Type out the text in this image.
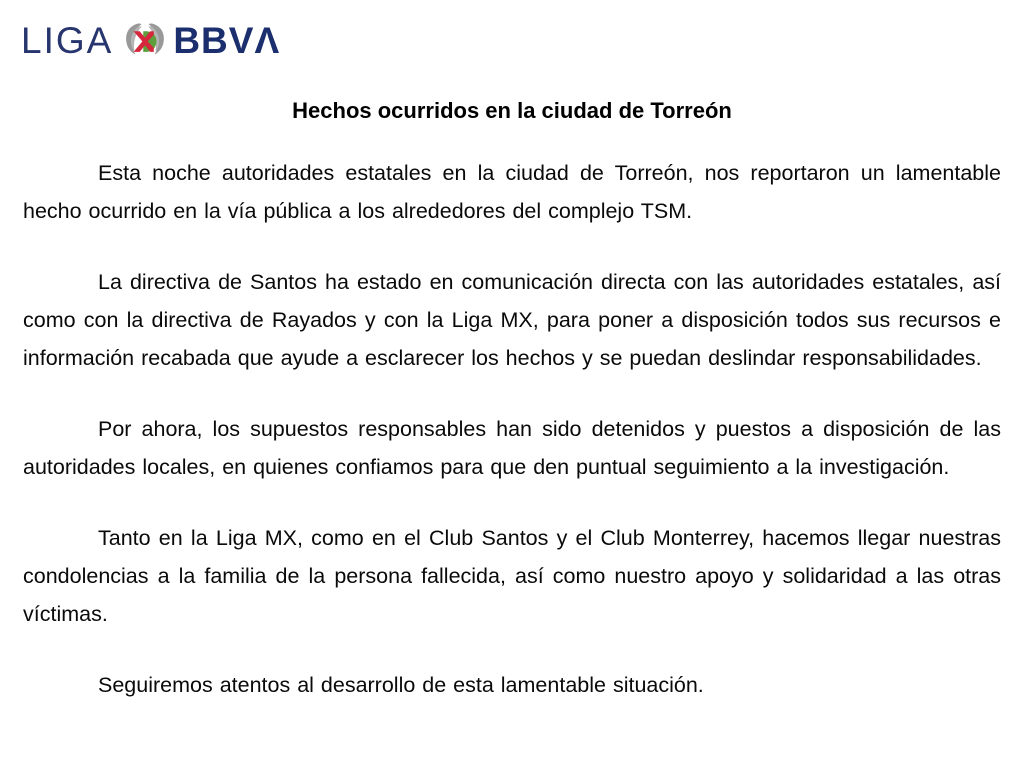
LIGA BBV Λ
Hechos ocurridos en la ciudad de Torreón

Esta noche autoridades estatales en la ciudad de Torreón, nos reportaron un lamentable hecho ocurrido en la vía pública a los alrededores del complejo TSM.

La directiva de Santos ha estado en comunicación directa con las autoridades estatales, así como con la directiva de Rayados y con la Liga MX, para poner a disposición todos sus recursos e información recabada que ayude a esclarecer los hechos y se puedan deslindar responsabilidades.

Por ahora, los supuestos responsables han sido detenidos y puestos a disposición de las autoridades locales, en quienes confiamos para que den puntual seguimiento a la investigación.

Tanto en la Liga MX, como en el Club Santos y el Club Monterrey, hacemos llegar nuestras condolencias a la familia de la persona fallecida, así como nuestro apoyo y solidaridad a las otras víctimas.

Seguiremos atentos al desarrollo de esta lamentable situación.
